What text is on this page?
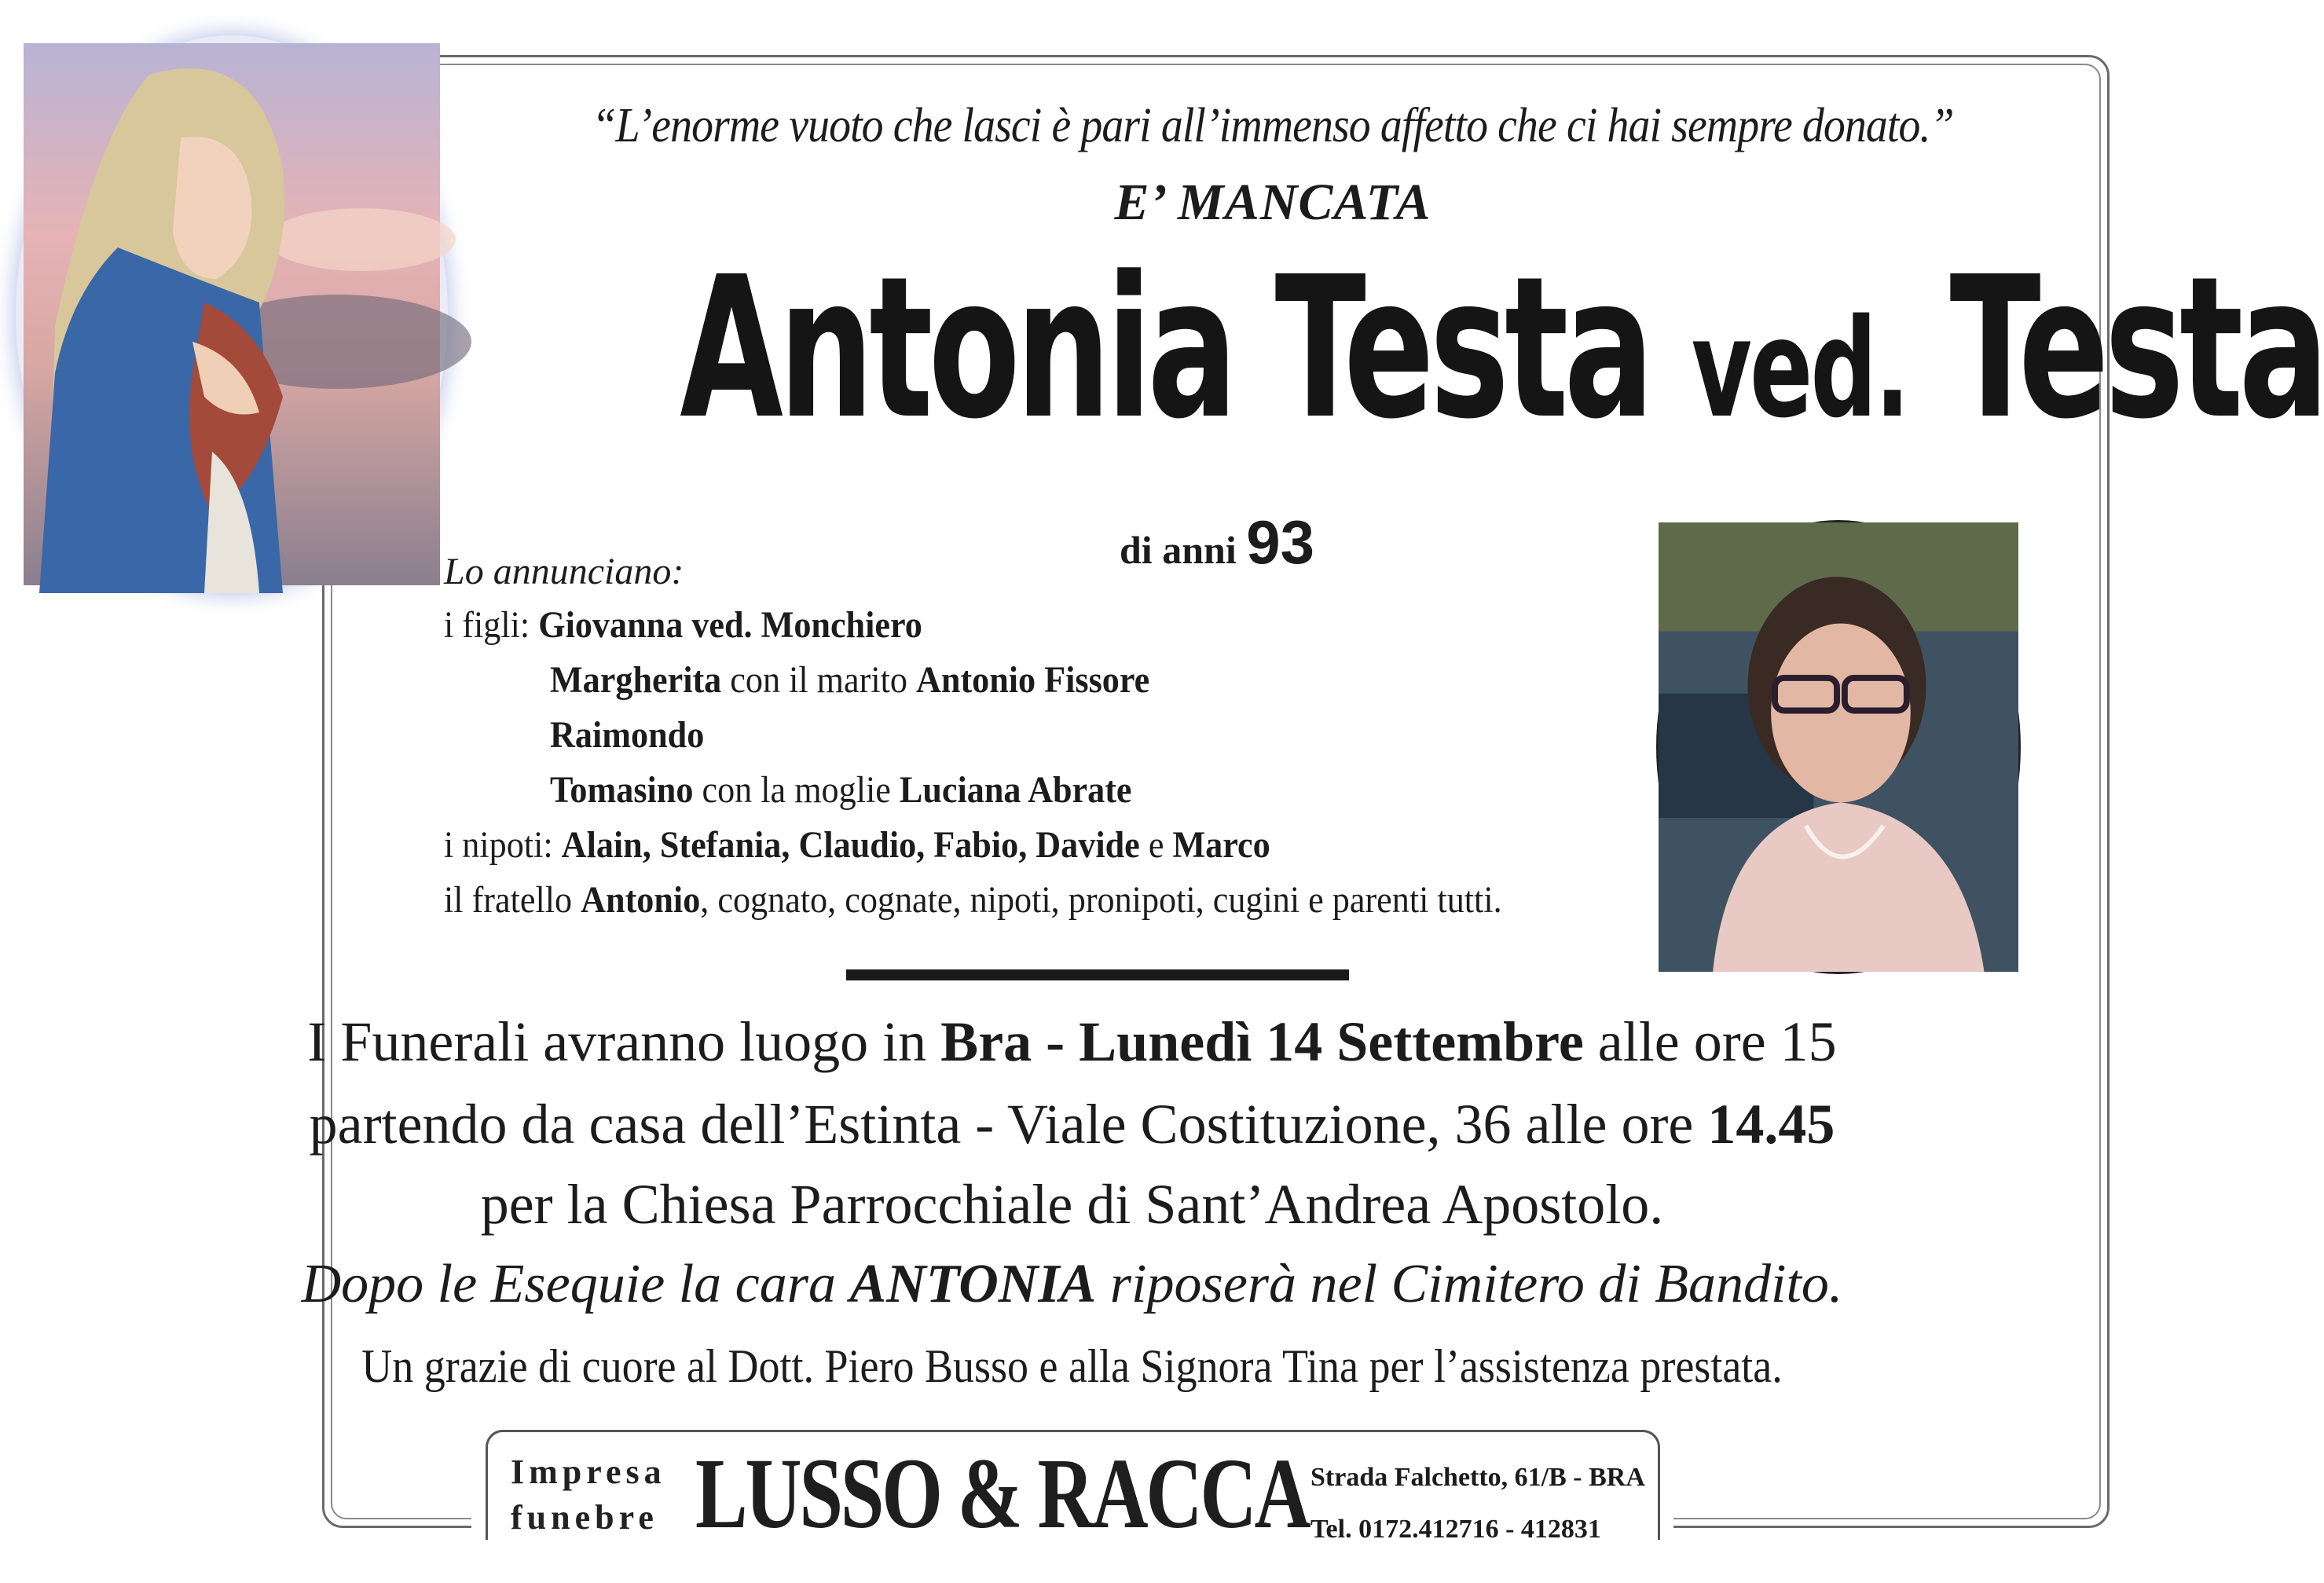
“L’enorme vuoto che lasci è pari all’immenso affetto che ci hai sempre donato.”
E’ MANCATA
Antonia Testa ved. Testa
di anni 93
Lo annunciano:
i figli: Giovanna ved. Monchiero
Margherita con il marito Antonio Fissore
Raimondo
Tomasino con la moglie Luciana Abrate
i nipoti: Alain, Stefania, Claudio, Fabio, Davide e Marco
il fratello Antonio, cognato, cognate, nipoti, pronipoti, cugini e parenti tutti.
I Funerali avranno luogo in Bra - Lunedì 14 Settembre alle ore 15
partendo da casa dell’Estinta - Viale Costituzione, 36 alle ore 14.45
per la Chiesa Parrocchiale di Sant’Andrea Apostolo.
Dopo le Esequie la cara ANTONIA riposerà nel Cimitero di Bandito.
Un grazie di cuore al Dott. Piero Busso e alla Signora Tina per l’assistenza prestata.
Impresa
funebre LUSSO & RACCA Strada Falchetto, 61/B - BRA
Tel. 0172.412716 - 412831
